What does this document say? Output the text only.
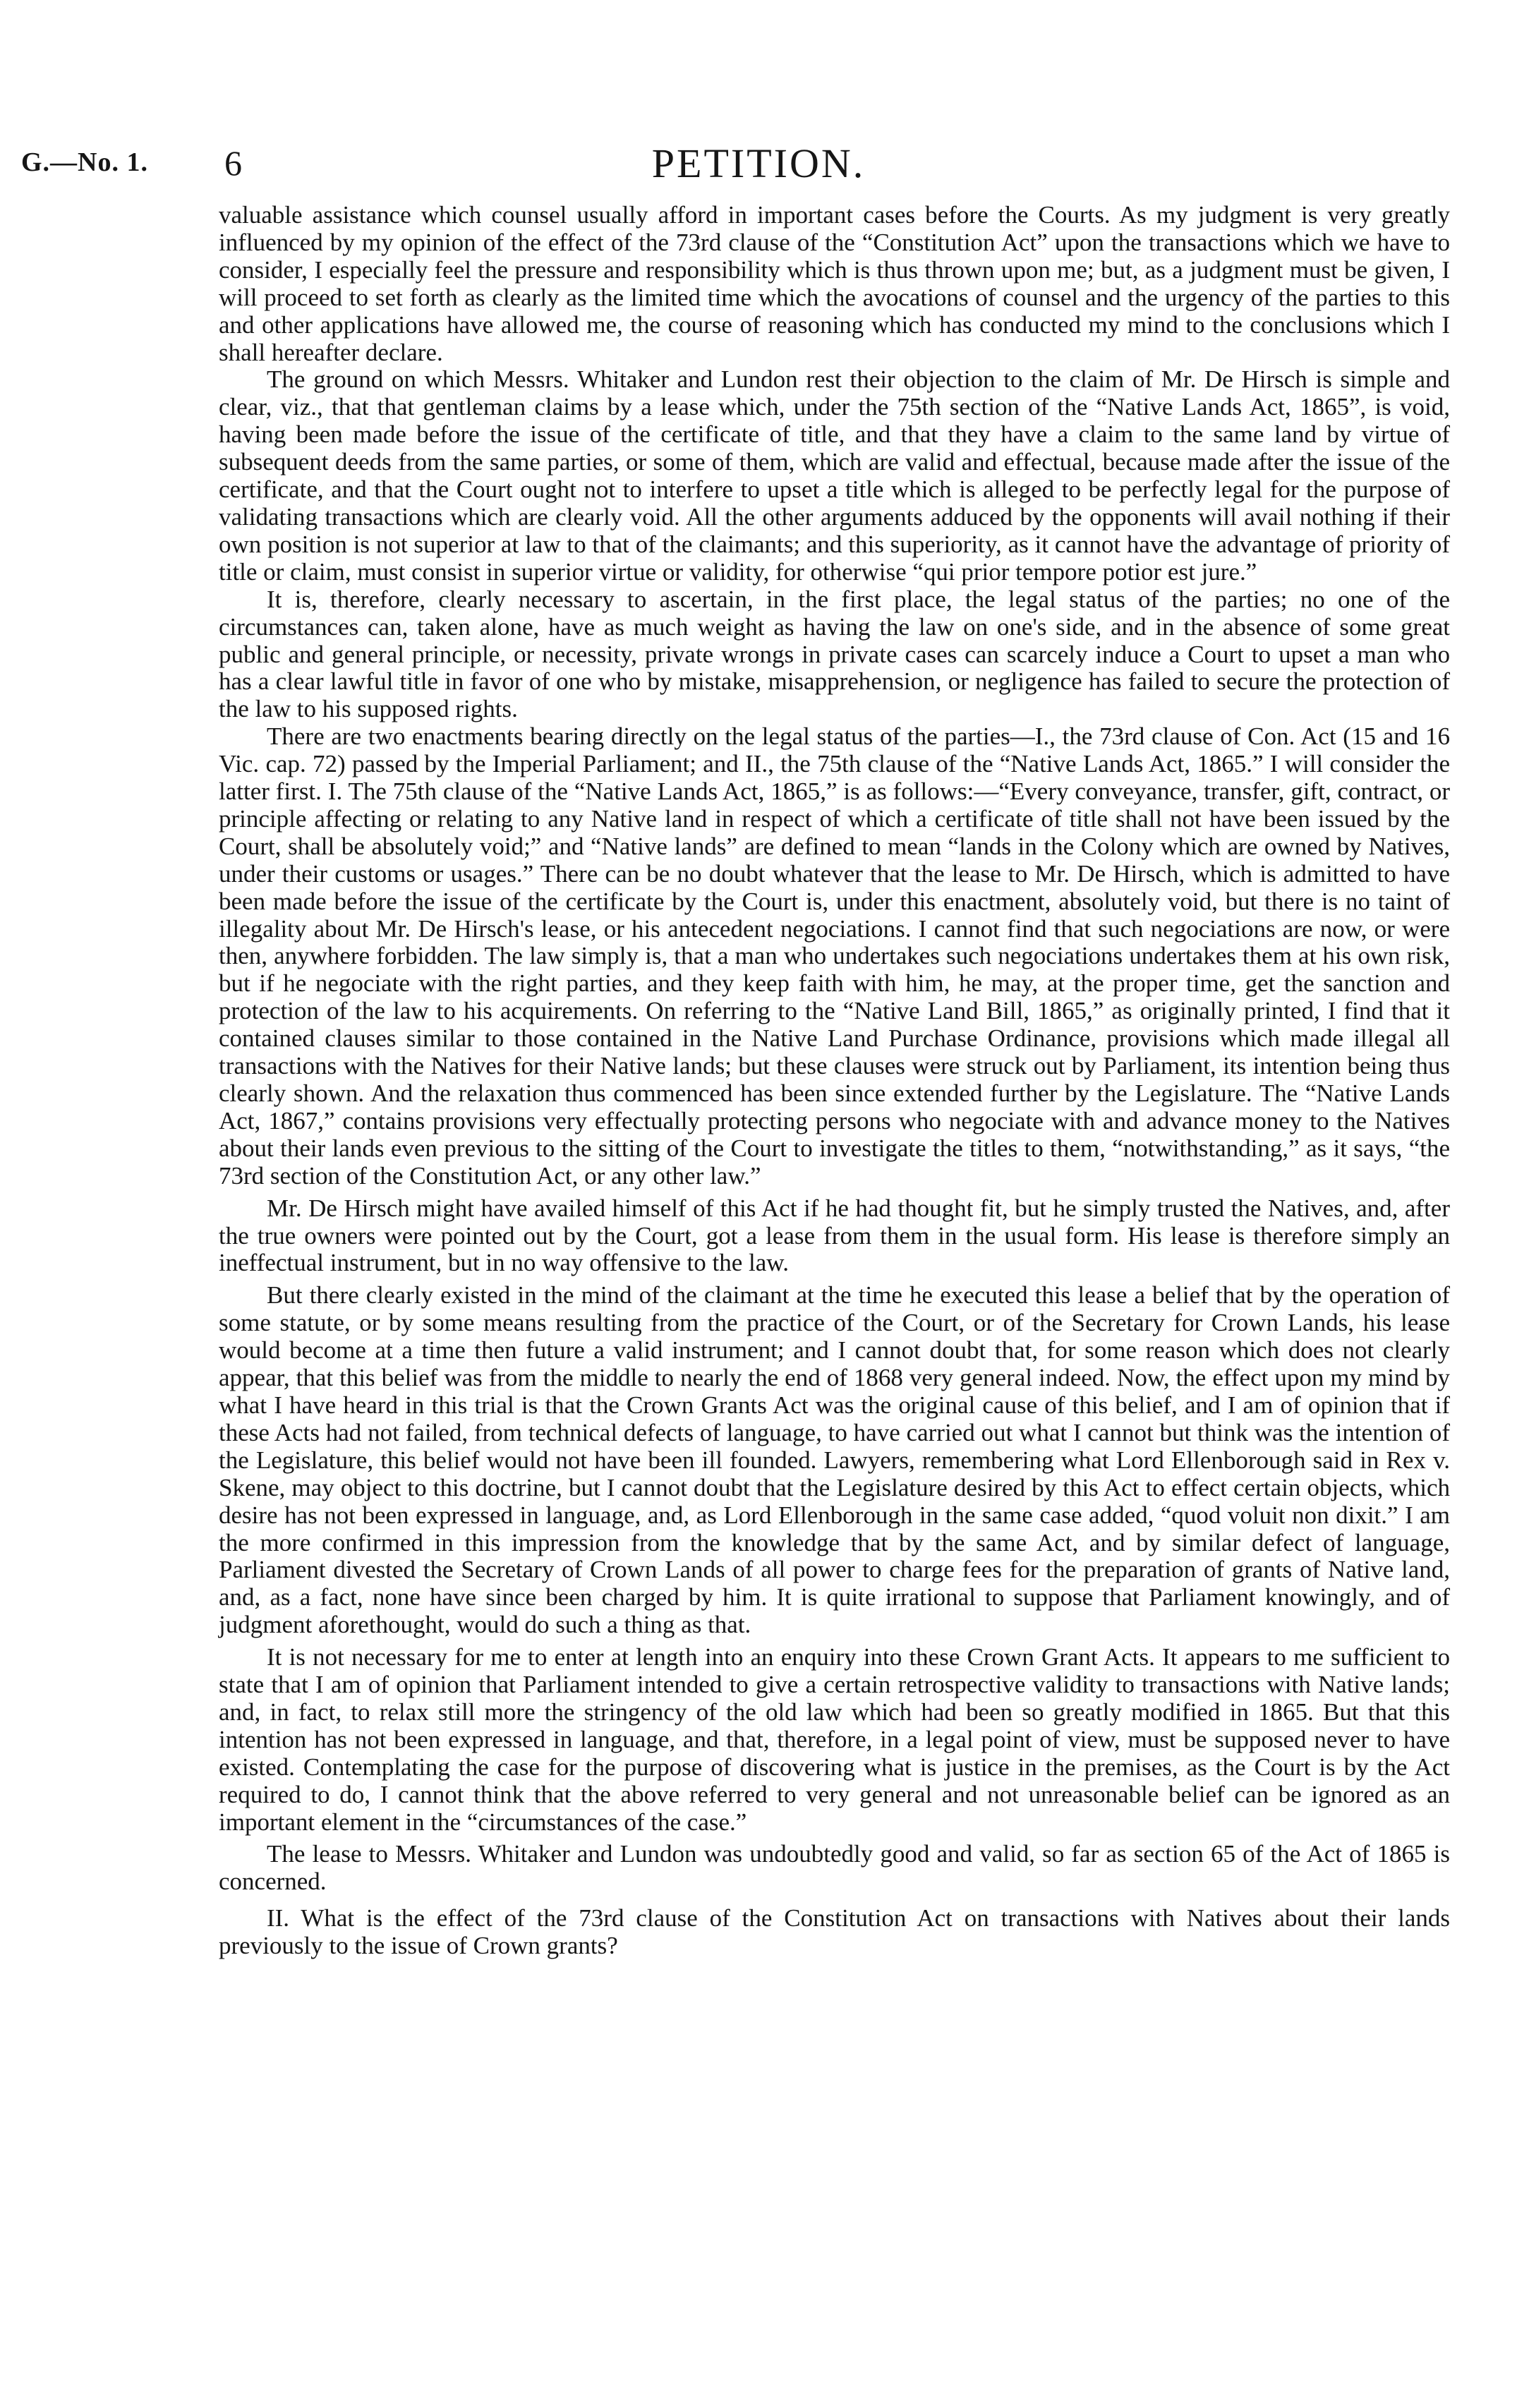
G.—No. 1. 6	PETITION.

valuable assistance which counsel usually afford in important cases before the Courts. As my judgment is very greatly influenced by my opinion of the effect of the 73rd clause of the “Constitution Act” upon the transactions which we have to consider, I especially feel the pressure and responsibility which is thus thrown upon me; but, as a judgment must be given, I will proceed to set forth as clearly as the limited time which the avocations of counsel and the urgency of the parties to this and other applications have allowed me, the course of reasoning which has conducted my mind to the conclusions which I shall hereafter declare.

The ground on which Messrs. Whitaker and Lundon rest their objection to the claim of Mr. De Hirsch is simple and clear, viz., that that gentleman claims by a lease which, under the 75th section of the “Native Lands Act, 1865”, is void, having been made before the issue of the certificate of title, and that they have a claim to the same land by virtue of subsequent deeds from the same parties, or some of them, which are valid and effectual, because made after the issue of the certificate, and that the Court ought not to interfere to upset a title which is alleged to be perfectly legal for the purpose of validating transactions which are clearly void. All the other arguments adduced by the opponents will avail nothing if their own position is not superior at law to that of the claimants; and this superiority, as it cannot have the advantage of priority of title or claim, must consist in superior virtue or validity, for otherwise “qui prior tempore potior est jure.”

It is, therefore, clearly necessary to ascertain, in the first place, the legal status of the parties; no one of the circumstances can, taken alone, have as much weight as having the law on one's side, and in the absence of some great public and general principle, or necessity, private wrongs in private cases can scarcely induce a Court to upset a man who has a clear lawful title in favor of one who by mistake, misapprehension, or negligence has failed to secure the protection of the law to his supposed rights.

There are two enactments bearing directly on the legal status of the parties—I., the 73rd clause of Con. Act (15 and 16 Vic. cap. 72) passed by the Imperial Parliament; and II., the 75th clause of the “Native Lands Act, 1865.” I will consider the latter first. I. The 75th clause of the “Native Lands Act, 1865,” is as follows:—“Every conveyance, transfer, gift, contract, or principle affecting or relating to any Native land in respect of which a certificate of title shall not have been issued by the Court, shall be absolutely void;” and “Native lands” are defined to mean “lands in the Colony which are owned by Natives, under their customs or usages.” There can be no doubt whatever that the lease to Mr. De Hirsch, which is admitted to have been made before the issue of the certificate by the Court is, under this enactment, absolutely void, but there is no taint of illegality about Mr. De Hirsch's lease, or his antecedent negociations. I cannot find that such negociations are now, or were then, anywhere forbidden. The law simply is, that a man who undertakes such negociations undertakes them at his own risk, but if he negociate with the right parties, and they keep faith with him, he may, at the proper time, get the sanction and protection of the law to his acquirements. On referring to the “Native Land Bill, 1865,” as originally printed, I find that it contained clauses similar to those contained in the Native Land Purchase Ordinance, provisions which made illegal all transactions with the Natives for their Native lands; but these clauses were struck out by Parliament, its intention being thus clearly shown. And the relaxation thus commenced has been since extended further by the Legislature. The “Native Lands Act, 1867,” contains provisions very effectually protecting persons who negociate with and advance money to the Natives about their lands even previous to the sitting of the Court to investigate the titles to them, “notwithstanding,” as it says, “the 73rd section of the Constitution Act, or any other law.”

Mr. De Hirsch might have availed himself of this Act if he had thought fit, but he simply trusted the Natives, and, after the true owners were pointed out by the Court, got a lease from them in the usual form. His lease is therefore simply an ineffectual instrument, but in no way offensive to the law.

But there clearly existed in the mind of the claimant at the time he executed this lease a belief that by the operation of some statute, or by some means resulting from the practice of the Court, or of the Secretary for Crown Lands, his lease would become at a time then future a valid instrument; and I cannot doubt that, for some reason which does not clearly appear, that this belief was from the middle to nearly the end of 1868 very general indeed. Now, the effect upon my mind by what I have heard in this trial is that the Crown Grants Act was the original cause of this belief, and I am of opinion that if these Acts had not failed, from technical defects of language, to have carried out what I cannot but think was the intention of the Legislature, this belief would not have been ill founded. Lawyers, remembering what Lord Ellenborough said in Rex v. Skene, may object to this doctrine, but I cannot doubt that the Legislature desired by this Act to effect certain objects, which desire has not been expressed in language, and, as Lord Ellenborough in the same case added, “quod voluit non dixit.” I am the more confirmed in this impression from the knowledge that by the same Act, and by similar defect of language, Parliament divested the Secretary of Crown Lands of all power to charge fees for the preparation of grants of Native land, and, as a fact, none have since been charged by him. It is quite irrational to suppose that Parliament knowingly, and of judgment aforethought, would do such a thing as that.

It is not necessary for me to enter at length into an enquiry into these Crown Grant Acts. It appears to me sufficient to state that I am of opinion that Parliament intended to give a certain retrospective validity to transactions with Native lands; and, in fact, to relax still more the stringency of the old law which had been so greatly modified in 1865. But that this intention has not been expressed in language, and that, therefore, in a legal point of view, must be supposed never to have existed. Contemplating the case for the purpose of discovering what is justice in the premises, as the Court is by the Act required to do, I cannot think that the above referred to very general and not unreasonable belief can be ignored as an important element in the “circumstances of the case.”

The lease to Messrs. Whitaker and Lundon was undoubtedly good and valid, so far as section 65 of the Act of 1865 is concerned.

II. What is the effect of the 73rd clause of the Constitution Act on transactions with Natives about their lands previously to the issue of Crown grants?
